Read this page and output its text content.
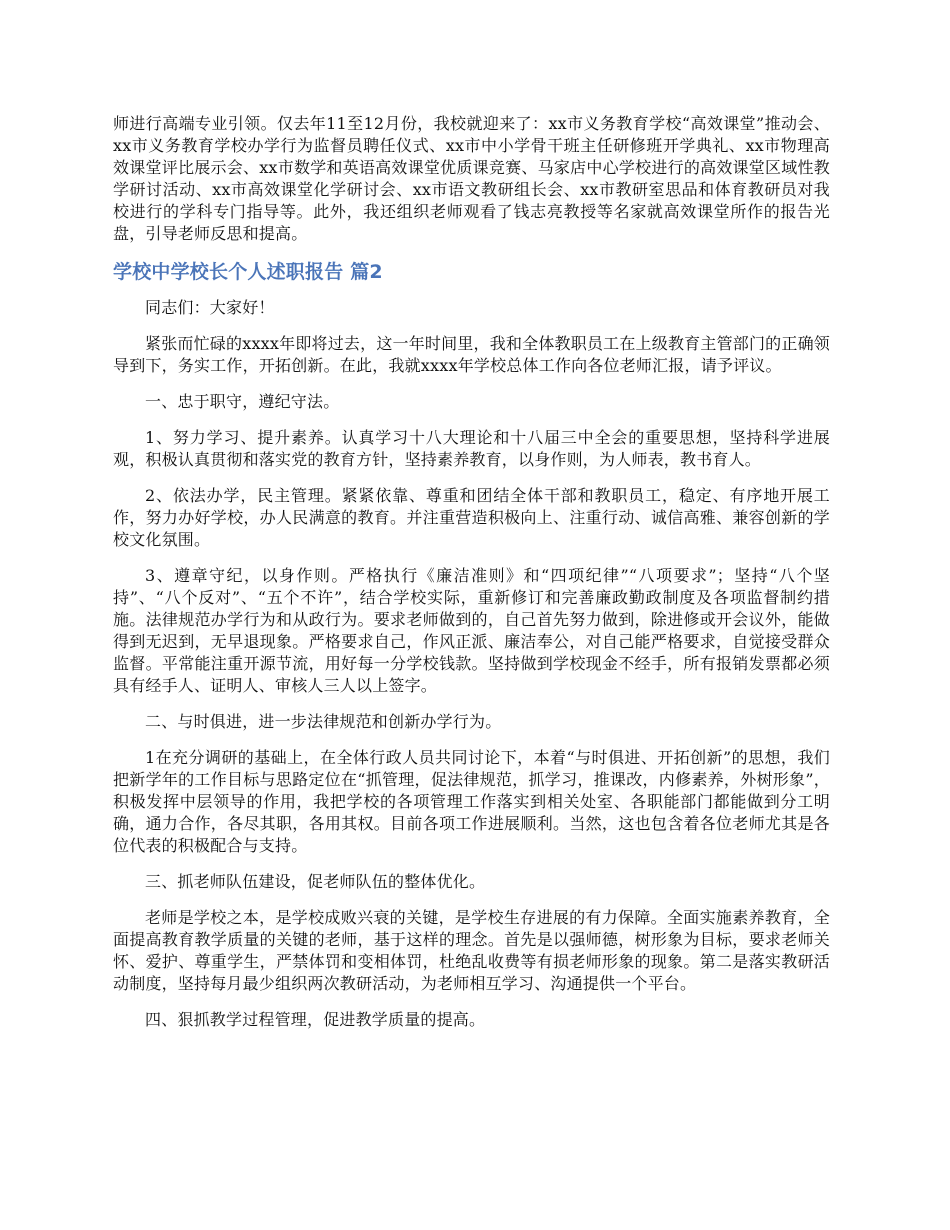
师进行高端专业引领。仅去年11至12月份，我校就迎来了：xx市义务教育学校“高效课堂”推动会、xx市义务教育学校办学行为监督员聘任仪式、xx市中小学骨干班主任研修班开学典礼、xx市物理高效课堂评比展示会、xx市数学和英语高效课堂优质课竞赛、马家店中心学校进行的高效课堂区域性教学研讨活动、xx市高效课堂化学研讨会、xx市语文教研组长会、xx市教研室思品和体育教研员对我校进行的学科专门指导等。此外，我还组织老师观看了钱志亮教授等名家就高效课堂所作的报告光盘，引导老师反思和提高。

学校中学校长个人述职报告 篇2

同志们：大家好！

紧张而忙碌的xxxx年即将过去，这一年时间里，我和全体教职员工在上级教育主管部门的正确领导到下，务实工作，开拓创新。在此，我就xxxx年学校总体工作向各位老师汇报，请予评议。

一、忠于职守，遵纪守法。

1、努力学习、提升素养。认真学习十八大理论和十八届三中全会的重要思想，坚持科学进展观，积极认真贯彻和落实党的教育方针，坚持素养教育，以身作则，为人师表，教书育人。

2、依法办学，民主管理。紧紧依靠、尊重和团结全体干部和教职员工，稳定、有序地开展工作，努力办好学校，办人民满意的教育。并注重营造积极向上、注重行动、诚信高雅、兼容创新的学校文化氛围。

3、遵章守纪，以身作则。严格执行《廉洁准则》和“四项纪律”“八项要求”；坚持“八个坚持”、“八个反对”、“五个不许”，结合学校实际，重新修订和完善廉政勤政制度及各项监督制约措施。法律规范办学行为和从政行为。要求老师做到的，自己首先努力做到，除进修或开会议外，能做得到无迟到，无早退现象。严格要求自己，作风正派、廉洁奉公，对自己能严格要求，自觉接受群众监督。平常能注重开源节流，用好每一分学校钱款。坚持做到学校现金不经手，所有报销发票都必须具有经手人、证明人、审核人三人以上签字。

二、与时俱进，进一步法律规范和创新办学行为。

1在充分调研的基础上，在全体行政人员共同讨论下，本着“与时俱进、开拓创新”的思想，我们把新学年的工作目标与思路定位在“抓管理，促法律规范，抓学习，推课改，内修素养，外树形象”， 积极发挥中层领导的作用，我把学校的各项管理工作落实到相关处室、各职能部门都能做到分工明确，通力合作，各尽其职，各用其权。目前各项工作进展顺利。当然，这也包含着各位老师尤其是各位代表的积极配合与支持。

三、抓老师队伍建设，促老师队伍的整体优化。

老师是学校之本，是学校成败兴衰的关键，是学校生存进展的有力保障。全面实施素养教育，全面提高教育教学质量的关键的老师，基于这样的理念。首先是以强师德，树形象为目标，要求老师关怀、爱护、尊重学生，严禁体罚和变相体罚，杜绝乱收费等有损老师形象的现象。第二是落实教研活动制度，坚持每月最少组织两次教研活动，为老师相互学习、沟通提供一个平台。

四、狠抓教学过程管理，促进教学质量的提高。
